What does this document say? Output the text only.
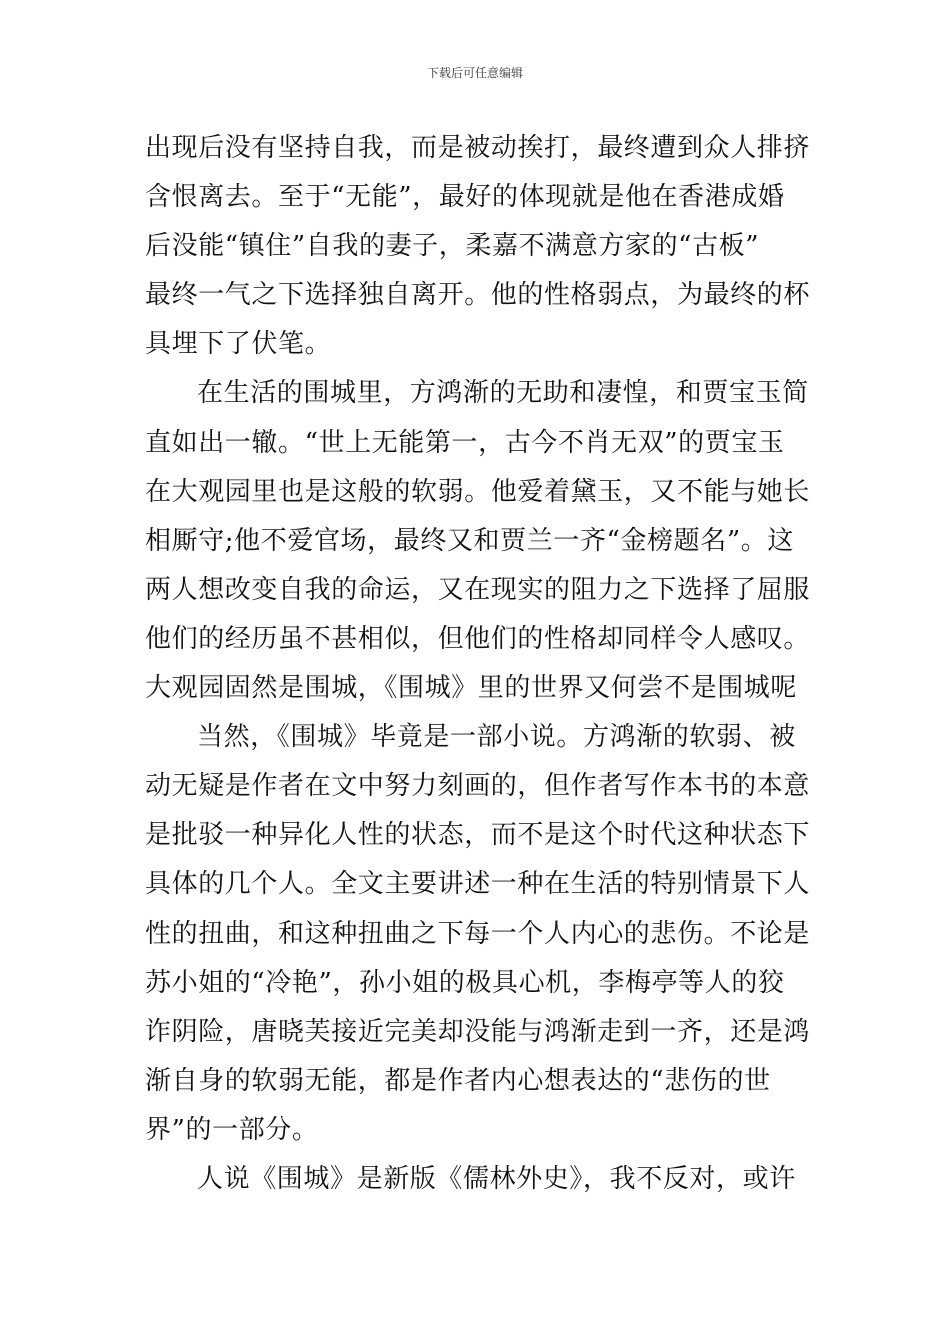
下载后可任意编辑
出现后没有坚持自我，而是被动挨打，最终遭到众人排挤
含恨离去。至于“无能”，最好的体现就是他在香港成婚
后没能“镇住”自我的妻子，柔嘉不满意方家的“古板”
最终一气之下选择独自离开。他的性格弱点，为最终的杯
具埋下了伏笔。
在生活的围城里，方鸿渐的无助和凄惶，和贾宝玉简
直如出一辙。“世上无能第一，古今不肖无双”的贾宝玉
在大观园里也是这般的软弱。他爱着黛玉，又不能与她长
相厮守;他不爱官场，最终又和贾兰一齐“金榜题名”。这
两人想改变自我的命运，又在现实的阻力之下选择了屈服
他们的经历虽不甚相似，但他们的性格却同样令人感叹。
大观园固然是围城，《围城》里的世界又何尝不是围城呢
当然，《围城》毕竟是一部小说。方鸿渐的软弱、被
动无疑是作者在文中努力刻画的，但作者写作本书的本意
是批驳一种异化人性的状态，而不是这个时代这种状态下
具体的几个人。全文主要讲述一种在生活的特别情景下人
性的扭曲，和这种扭曲之下每一个人内心的悲伤。不论是
苏小姐的“冷艳”，孙小姐的极具心机，李梅亭等人的狡
诈阴险，唐晓芙接近完美却没能与鸿渐走到一齐，还是鸿
渐自身的软弱无能，都是作者内心想表达的“悲伤的世
界”的一部分。
人说《围城》是新版《儒林外史》，我不反对，或许
